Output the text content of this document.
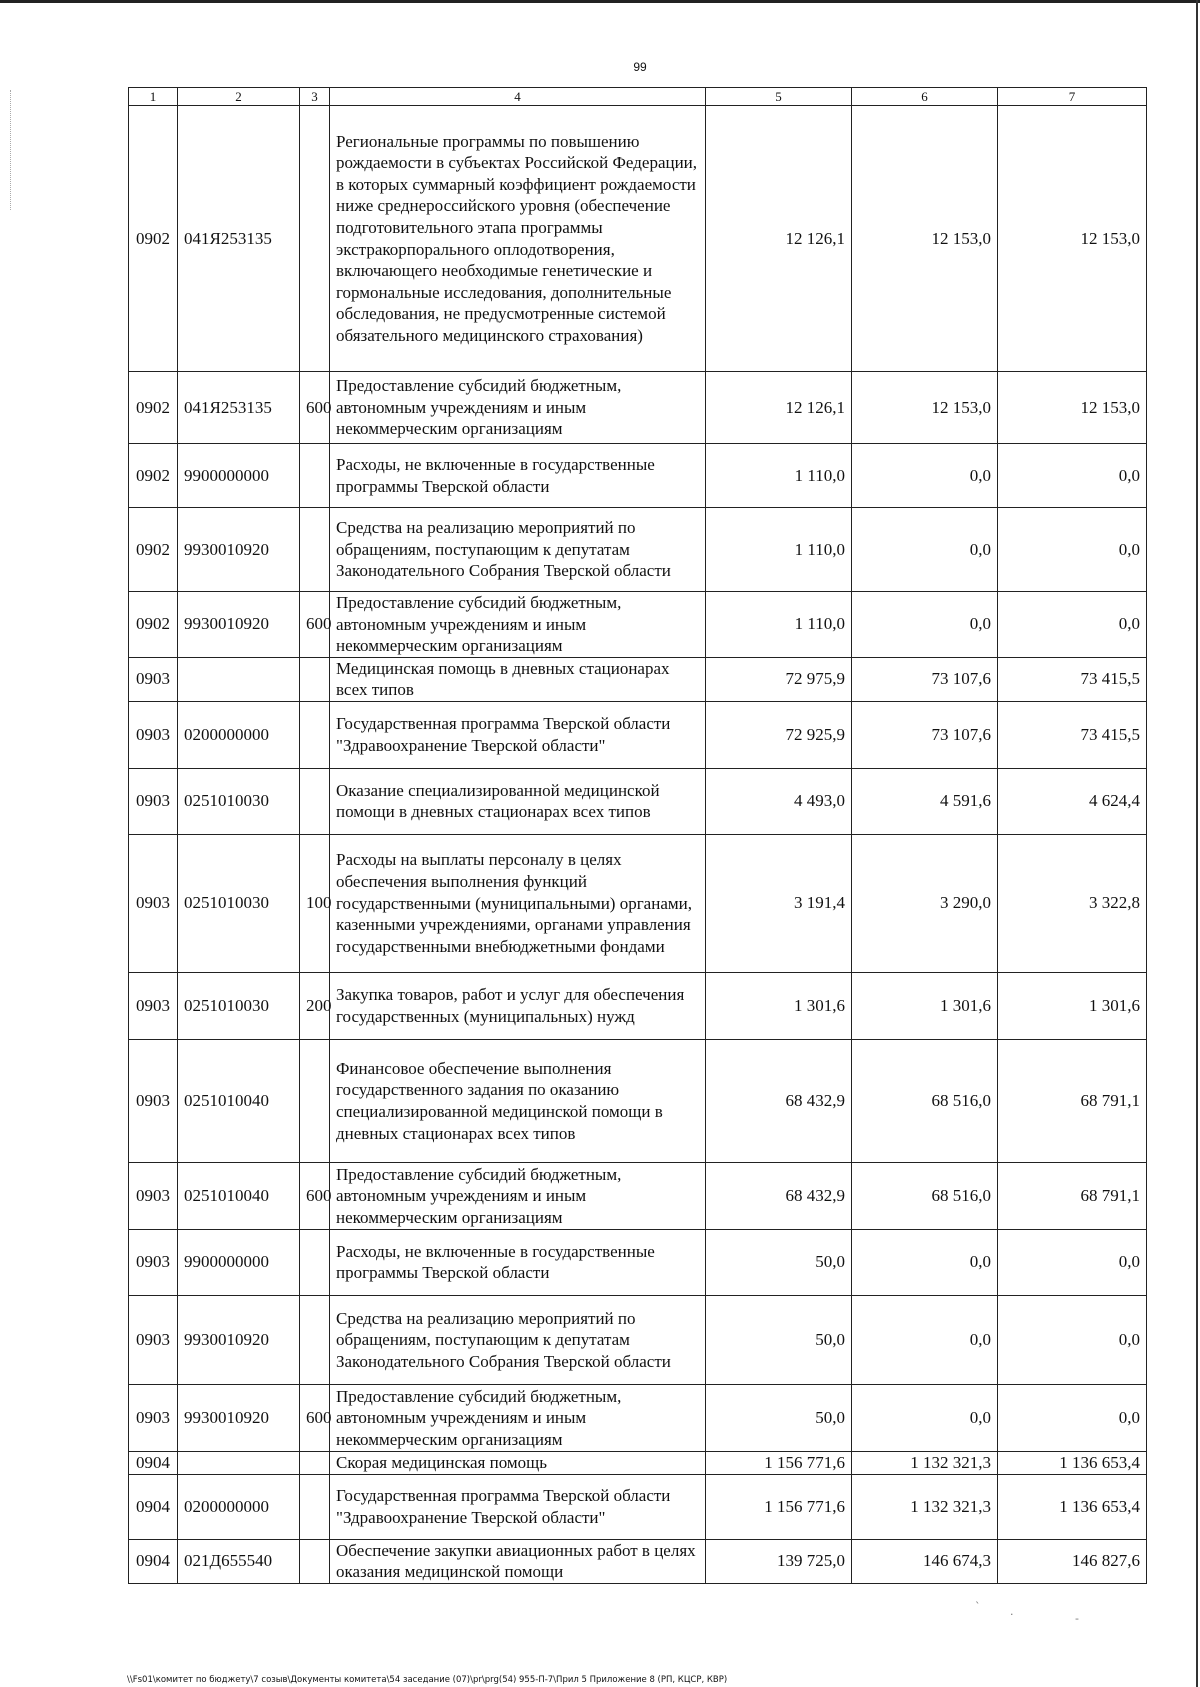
`	.
-
99
1	2	3	4	5	6	7
0902	041Я253135		Региональные программы по повышению рождаемости в субъектах Российской Федерации, в которых суммарный коэффициент рождаемости ниже среднероссийского уровня (обеспечение подготовительного этапа программы экстракорпорального оплодотворения, включающего необходимые генетические и гормональные исследования, дополнительные обследования, не предусмотренные системой обязательного медицинского страхования)	12 126,1	12 153,0	12 153,0
0902	041Я253135	600	Предоставление субсидий бюджетным, автономным учреждениям и иным некоммерческим организациям	12 126,1	12 153,0	12 153,0
0902	9900000000		Расходы, не включенные в государственные программы Тверской области	1 110,0	0,0	0,0
0902	9930010920		Средства на реализацию мероприятий по обращениям, поступающим к депутатам Законодательного Собрания Тверской области	1 110,0	0,0	0,0
0902	9930010920	600	Предоставление субсидий бюджетным, автономным учреждениям и иным некоммерческим организациям	1 110,0	0,0	0,0
0903			Медицинская помощь в дневных стационарах всех типов	72 975,9	73 107,6	73 415,5
0903	0200000000		Государственная программа Тверской области "Здравоохранение Тверской области"	72 925,9	73 107,6	73 415,5
0903	0251010030		Оказание специализированной медицинской помощи в дневных стационарах всех типов	4 493,0	4 591,6	4 624,4
0903	0251010030	100	Расходы на выплаты персоналу в целях обеспечения выполнения функций государственными (муниципальными) органами, казенными учреждениями, органами управления государственными внебюджетными фондами	3 191,4	3 290,0	3 322,8
0903	0251010030	200	Закупка товаров, работ и услуг для обеспечения государственных (муниципальных) нужд	1 301,6	1 301,6	1 301,6
0903	0251010040		Финансовое обеспечение выполнения государственного задания по оказанию специализированной медицинской помощи в дневных стационарах всех типов	68 432,9	68 516,0	68 791,1
0903	0251010040	600	Предоставление субсидий бюджетным, автономным учреждениям и иным некоммерческим организациям	68 432,9	68 516,0	68 791,1
0903	9900000000		Расходы, не включенные в государственные программы Тверской области	50,0	0,0	0,0
0903	9930010920		Средства на реализацию мероприятий по обращениям, поступающим к депутатам Законодательного Собрания Тверской области	50,0	0,0	0,0
0903	9930010920	600	Предоставление субсидий бюджетным, автономным учреждениям и иным некоммерческим организациям	50,0	0,0	0,0
0904			Скорая медицинская помощь	1 156 771,6	1 132 321,3	1 136 653,4
0904	0200000000		Государственная программа Тверской области "Здравоохранение Тверской области"	1 156 771,6	1 132 321,3	1 136 653,4
0904	021Д655540		Обеспечение закупки авиационных работ в целях оказания медицинской помощи	139 725,0	146 674,3	146 827,6
\\Fs01\комитет по бюджету\7 созыв\Документы комитета\54 заседание (07)\pr\prg(54) 955-П-7\Прил 5 Приложение 8 (РП, КЦСР, КВР)
